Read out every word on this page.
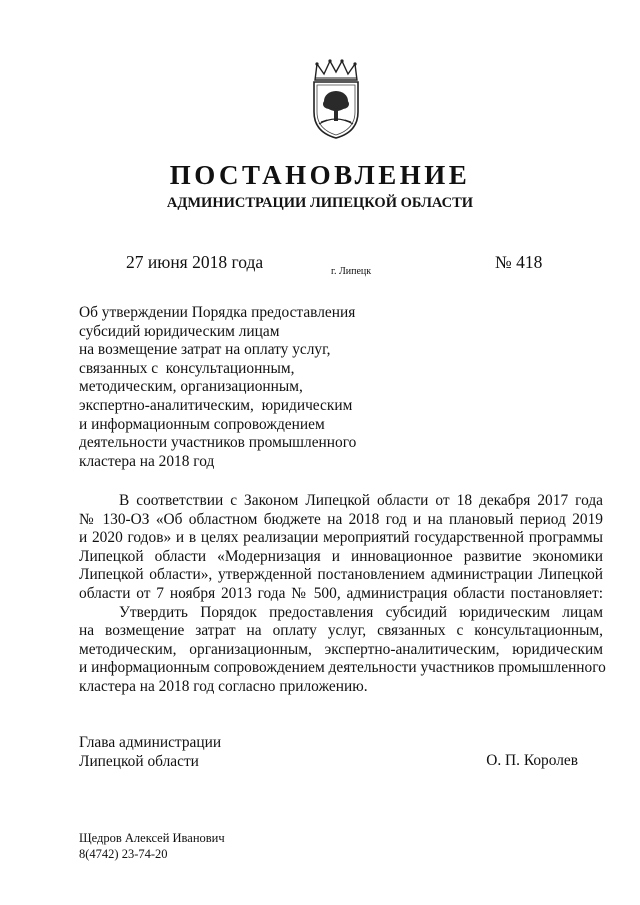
ПОСТАНОВЛЕНИЕ
АДМИНИСТРАЦИИ ЛИПЕЦКОЙ ОБЛАСТИ
27 июня 2018 года	г. Липецк	№ 418
Об утверждении Порядка предоставления
субсидий юридическим лицам
на возмещение затрат на оплату услуг,
связанных с  консультационным,
методическим, организационным,
экспертно-аналитическим,  юридическим
и информационным сопровождением
деятельности участников промышленного
кластера на 2018 год
В соответствии с Законом Липецкой области от 18 декабря 2017 года
№ 130-ОЗ «Об областном бюджете на 2018 год и на плановый период 2019
и 2020 годов» и в целях реализации мероприятий государственной программы
Липецкой области «Модернизация и инновационное развитие экономики
Липецкой области», утвержденной постановлением администрации Липецкой
области от 7 ноября 2013 года № 500, администрация области постановляет:
Утвердить Порядок предоставления субсидий юридическим лицам
на возмещение затрат на оплату услуг, связанных с консультационным,
методическим, организационным, экспертно-аналитическим, юридическим
и информационным сопровождением деятельности участников промышленного
кластера на 2018 год согласно приложению.
Глава администрации
Липецкой области	О. П. Королев
Щедров Алексей Иванович
8(4742) 23-74-20
